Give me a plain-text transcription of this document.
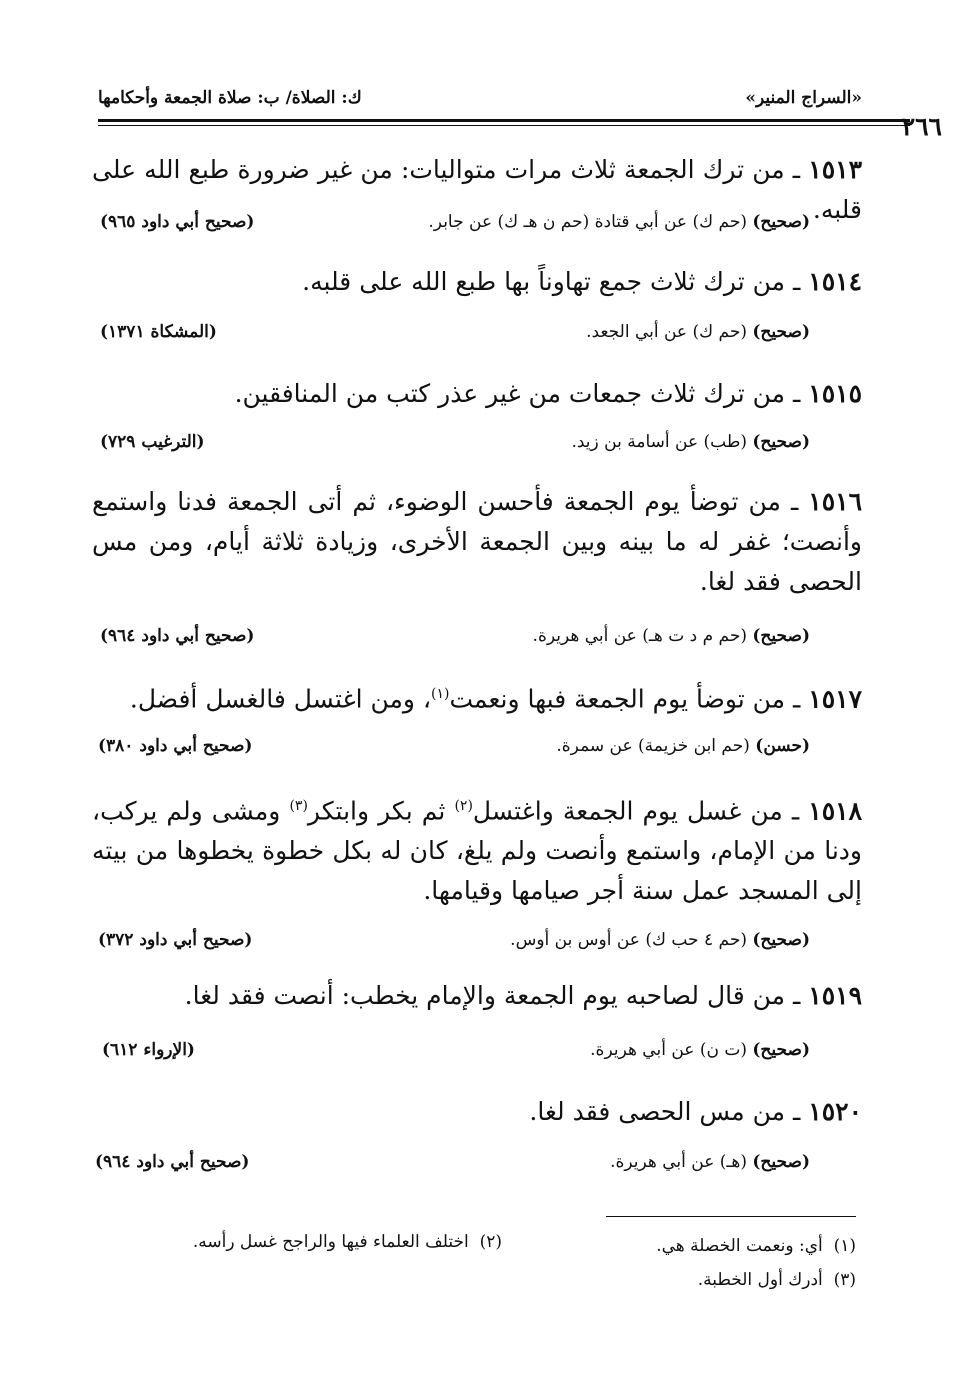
«السراج المنير»
ك: الصلاة/ ب: صلاة الجمعة وأحكامها
٢٦٦
١٥١٣ ـ من ترك الجمعة ثلاث مرات متواليات: من غير ضرورة طبع الله على قلبه.
(صحيح) (حم ك) عن أبي قتادة (حم ن هـ ك) عن جابر.
(صحيح أبي داود ٩٦٥)
١٥١٤ ـ من ترك ثلاث جمع تهاوناً بها طبع الله على قلبه.
(صحيح) (حم ك) عن أبي الجعد.
(المشكاة ١٣٧١)
١٥١٥ ـ من ترك ثلاث جمعات من غير عذر كتب من المنافقين.
(صحيح) (طب) عن أسامة بن زيد.
(الترغيب ٧٢٩)
١٥١٦ ـ من توضأ يوم الجمعة فأحسن الوضوء، ثم أتى الجمعة فدنا واستمع وأنصت؛ غفر له ما بينه وبين الجمعة الأخرى، وزيادة ثلاثة أيام، ومن مس الحصى فقد لغا.
(صحيح) (حم م د ت هـ) عن أبي هريرة.
(صحيح أبي داود ٩٦٤)
١٥١٧ ـ من توضأ يوم الجمعة فبها ونعمت$^{(١)}$، ومن اغتسل فالغسل أفضل.
(حسن) (حم ابن خزيمة) عن سمرة.
(صحيح أبي داود ٣٨٠)
١٥١٨ ـ من غسل يوم الجمعة واغتسل$^{(٢)}$ ثم بكر وابتكر$^{(٣)}$ ومشى ولم يركب، ودنا من الإمام، واستمع وأنصت ولم يلغ، كان له بكل خطوة يخطوها من بيته إلى المسجد عمل سنة أجر صيامها وقيامها.
(صحيح) (حم ٤ حب ك) عن أوس بن أوس.
(صحيح أبي داود ٣٧٢)
١٥١٩ ـ من قال لصاحبه يوم الجمعة والإمام يخطب: أنصت فقد لغا.
(صحيح) (ت ن) عن أبي هريرة.
(الإرواء ٦١٢)
١٥٢٠ ـ من مس الحصى فقد لغا.
(صحيح) (هـ) عن أبي هريرة.
(صحيح أبي داود ٩٦٤)
(١)  أي: ونعمت الخصلة هي.
(٢)  اختلف العلماء فيها والراجح غسل رأسه.
(٣)  أدرك أول الخطبة.
